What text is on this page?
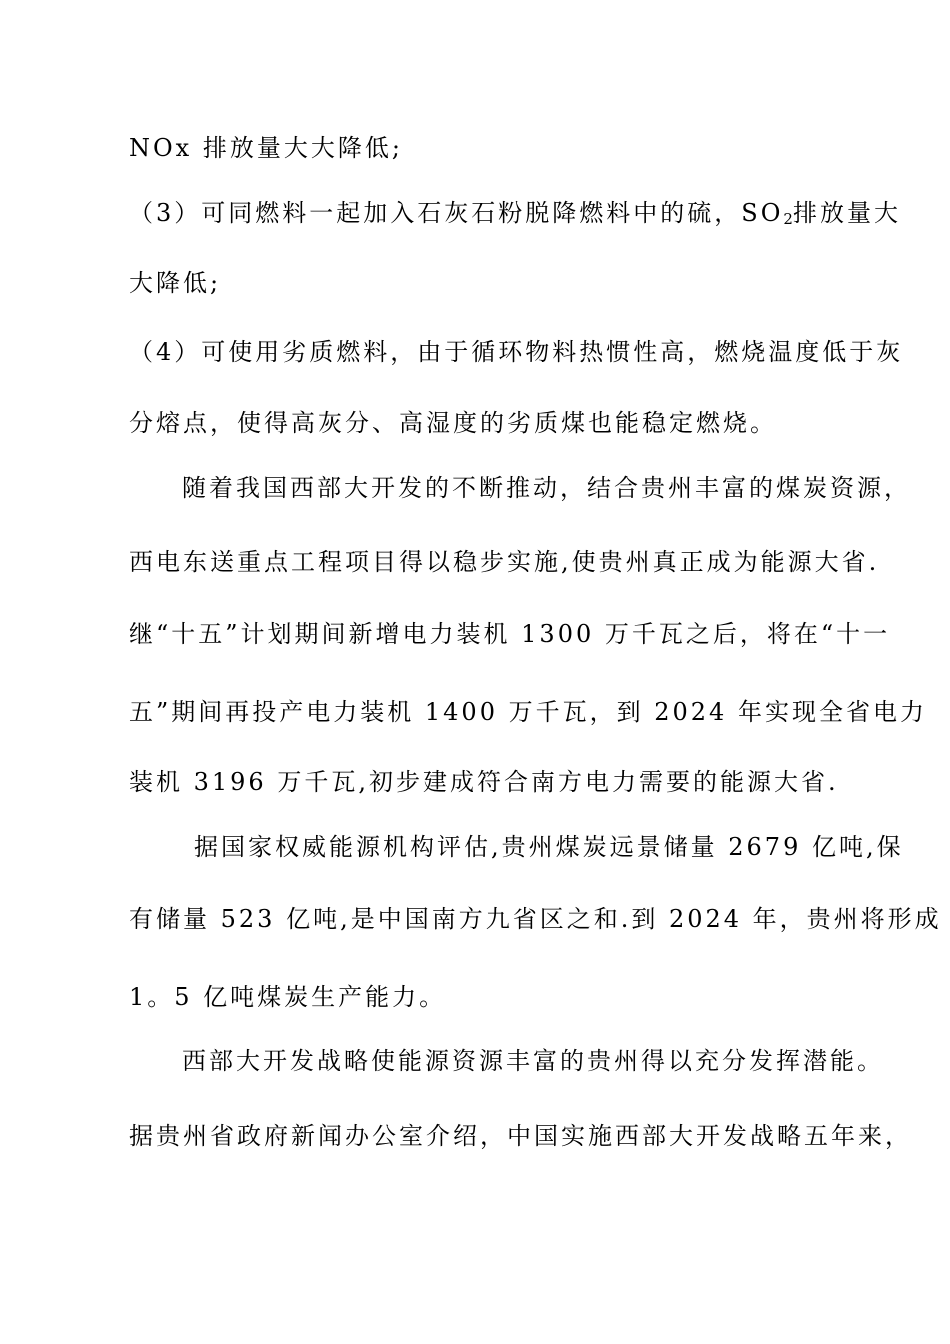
NOx 排放量大大降低;
（3）可同燃料一起加入石灰石粉脱降燃料中的硫，$SO_2$排放量大
大降低;
（4）可使用劣质燃料，由于循环物料热惯性高，燃烧温度低于灰
分熔点，使得高灰分、高湿度的劣质煤也能稳定燃烧。
随着我国西部大开发的不断推动，结合贵州丰富的煤炭资源，
西电东送重点工程项目得以稳步实施,使贵州真正成为能源大省.
继“十五”计划期间新增电力装机 1300 万千瓦之后，将在“十一
五”期间再投产电力装机 1400 万千瓦，到 2024 年实现全省电力
装机 3196 万千瓦,初步建成符合南方电力需要的能源大省.
据国家权威能源机构评估,贵州煤炭远景储量 2679 亿吨,保
有储量 523 亿吨,是中国南方九省区之和.到 2024 年，贵州将形成
1。5 亿吨煤炭生产能力。
西部大开发战略使能源资源丰富的贵州得以充分发挥潜能。
据贵州省政府新闻办公室介绍，中国实施西部大开发战略五年来，
